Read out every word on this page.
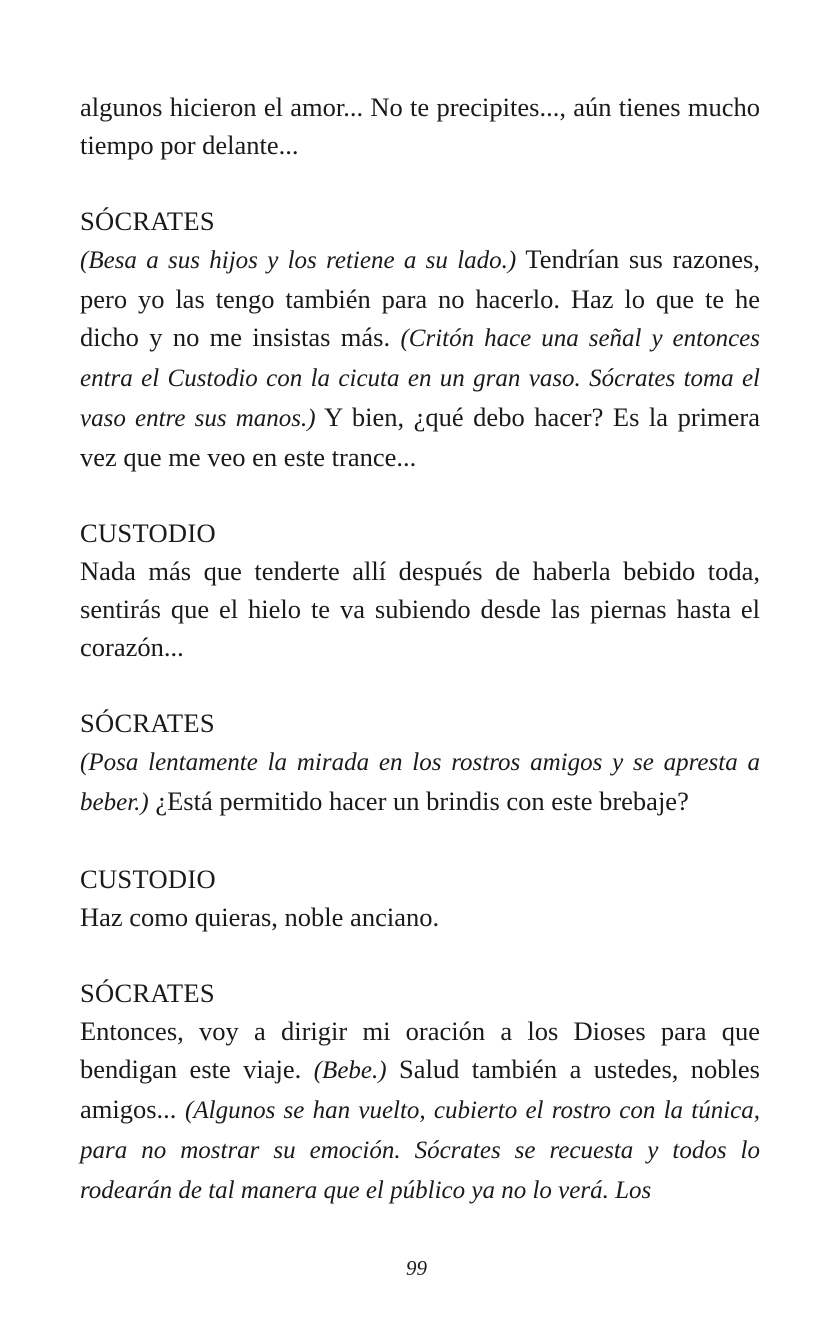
algunos hicieron el amor... No te precipites..., aún tienes mucho tiempo por delante...

SÓCRATES

(Besa a sus hijos y los retiene a su lado.) Tendrían sus razones, pero yo las tengo también para no hacerlo. Haz lo que te he dicho y no me insistas más. (Critón hace una señal y entonces entra el Custodio con la cicuta en un gran vaso. Sócrates toma el vaso entre sus manos.) Y bien, ¿qué debo hacer? Es la primera vez que me veo en este trance...

CUSTODIO

Nada más que tenderte allí después de haberla bebido toda, sentirás que el hielo te va subiendo desde las piernas hasta el corazón...

SÓCRATES

(Posa lentamente la mirada en los rostros amigos y se apresta a beber.) ¿Está permitido hacer un brindis con este brebaje?

CUSTODIO

Haz como quieras, noble anciano.

SÓCRATES

Entonces, voy a dirigir mi oración a los Dioses para que bendigan este viaje. (Bebe.) Salud también a ustedes, nobles amigos... (Algunos se han vuelto, cubierto el rostro con la túnica, para no mostrar su emoción. Sócrates se recuesta y todos lo rodearán de tal manera que el público ya no lo verá. Los

99
